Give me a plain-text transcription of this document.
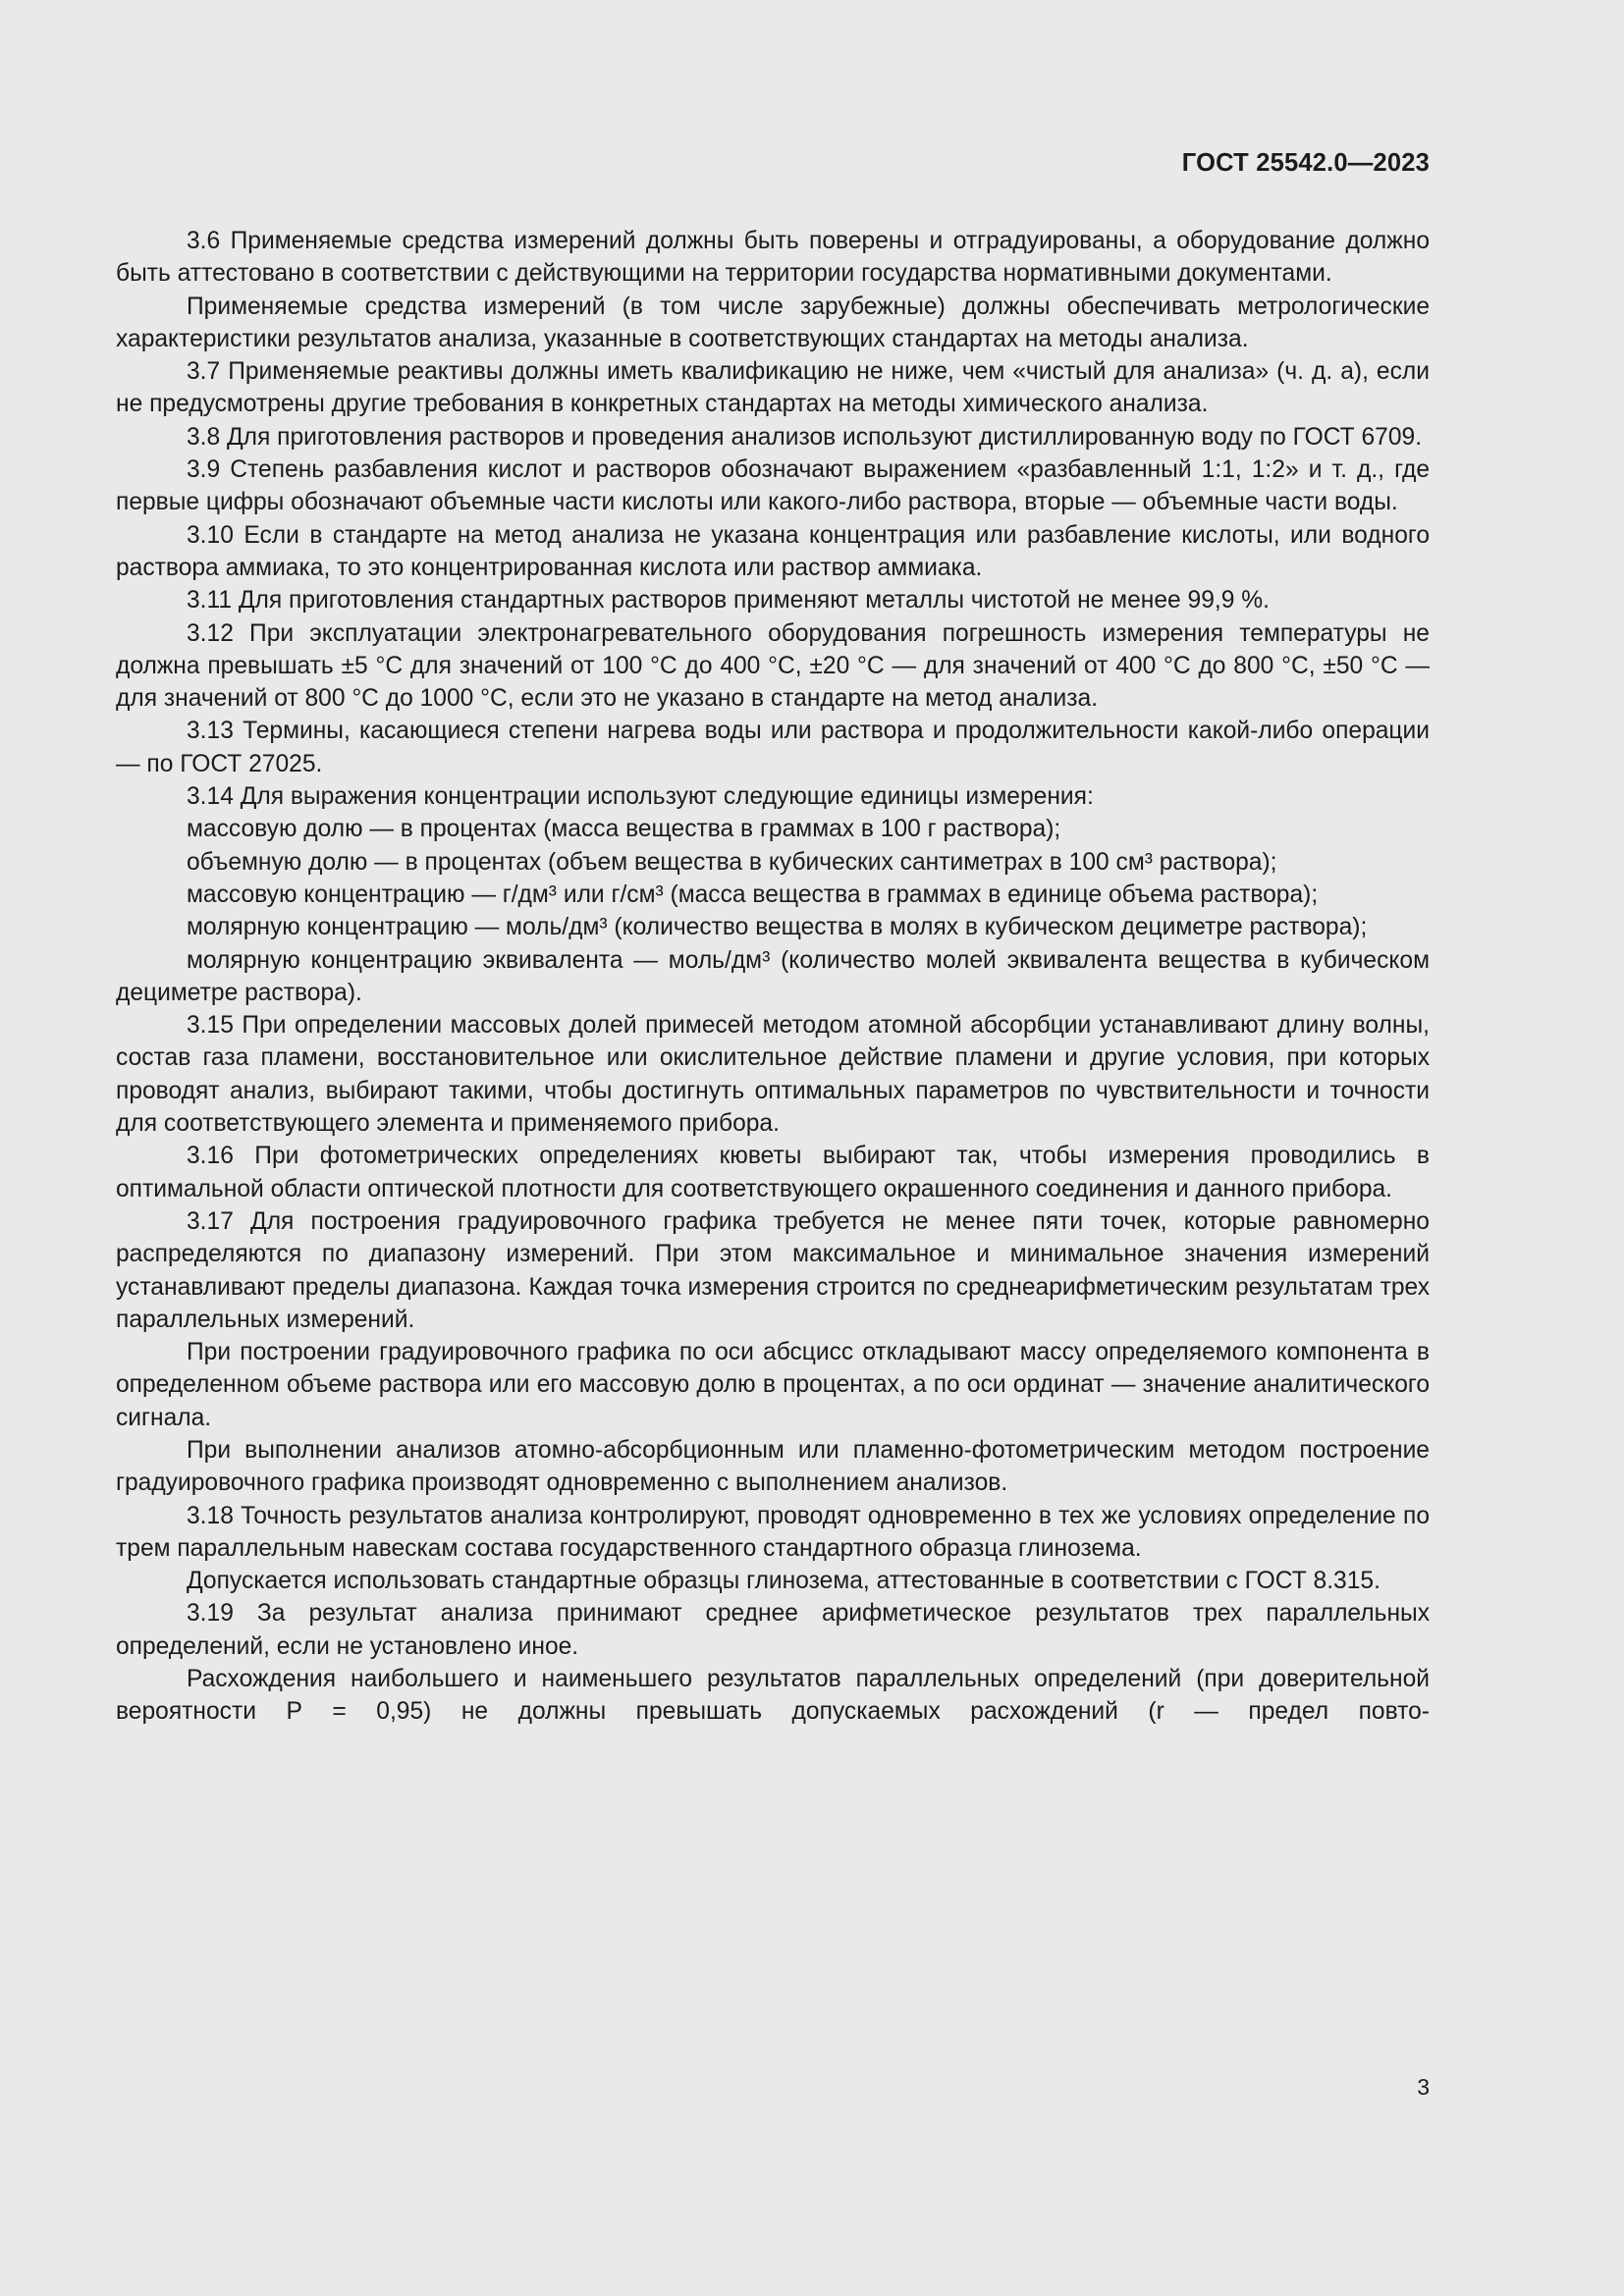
ГОСТ 25542.0—2023

3.6 Применяемые средства измерений должны быть поверены и отградуированы, а оборудование должно быть аттестовано в соответствии с действующими на территории государства нормативными документами.

Применяемые средства измерений (в том числе зарубежные) должны обеспечивать метрологические характеристики результатов анализа, указанные в соответствующих стандартах на методы анализа.

3.7 Применяемые реактивы должны иметь квалификацию не ниже, чем «чистый для анализа» (ч. д. а), если не предусмотрены другие требования в конкретных стандартах на методы химического анализа.

3.8 Для приготовления растворов и проведения анализов используют дистиллированную воду по ГОСТ 6709.

3.9 Степень разбавления кислот и растворов обозначают выражением «разбавленный 1:1, 1:2» и т. д., где первые цифры обозначают объемные части кислоты или какого-либо раствора, вторые — объемные части воды.

3.10 Если в стандарте на метод анализа не указана концентрация или разбавление кислоты, или водного раствора аммиака, то это концентрированная кислота или раствор аммиака.

3.11 Для приготовления стандартных растворов применяют металлы чистотой не менее 99,9 %.

3.12 При эксплуатации электронагревательного оборудования погрешность измерения температуры не должна превышать ±5 °С для значений от 100 °С до 400 °С, ±20 °С — для значений от 400 °С до 800 °С, ±50 °С — для значений от 800 °С до 1000 °С, если это не указано в стандарте на метод анализа.

3.13 Термины, касающиеся степени нагрева воды или раствора и продолжительности какой-либо операции — по ГОСТ 27025.

3.14 Для выражения концентрации используют следующие единицы измерения:

массовую долю — в процентах (масса вещества в граммах в 100 г раствора);

объемную долю — в процентах (объем вещества в кубических сантиметрах в 100 см³ раствора);

массовую концентрацию — г/дм³ или г/см³ (масса вещества в граммах в единице объема раствора);

молярную концентрацию — моль/дм³ (количество вещества в молях в кубическом дециметре раствора);

молярную концентрацию эквивалента — моль/дм³ (количество молей эквивалента вещества в кубическом дециметре раствора).

3.15 При определении массовых долей примесей методом атомной абсорбции устанавливают длину волны, состав газа пламени, восстановительное или окислительное действие пламени и другие условия, при которых проводят анализ, выбирают такими, чтобы достигнуть оптимальных параметров по чувствительности и точности для соответствующего элемента и применяемого прибора.

3.16 При фотометрических определениях кюветы выбирают так, чтобы измерения проводились в оптимальной области оптической плотности для соответствующего окрашенного соединения и данного прибора.

3.17 Для построения градуировочного графика требуется не менее пяти точек, которые равномерно распределяются по диапазону измерений. При этом максимальное и минимальное значения измерений устанавливают пределы диапазона. Каждая точка измерения строится по среднеарифметическим результатам трех параллельных измерений.

При построении градуировочного графика по оси абсцисс откладывают массу определяемого компонента в определенном объеме раствора или его массовую долю в процентах, а по оси ординат — значение аналитического сигнала.

При выполнении анализов атомно-абсорбционным или пламенно-фотометрическим методом построение градуировочного графика производят одновременно с выполнением анализов.

3.18 Точность результатов анализа контролируют, проводят одновременно в тех же условиях определение по трем параллельным навескам состава государственного стандартного образца глинозема.

Допускается использовать стандартные образцы глинозема, аттестованные в соответствии с ГОСТ 8.315.

3.19 За результат анализа принимают среднее арифметическое результатов трех параллельных определений, если не установлено иное.

Расхождения наибольшего и наименьшего результатов параллельных определений (при доверительной вероятности Р = 0,95) не должны превышать допускаемых расхождений (r — предел повто-

3
